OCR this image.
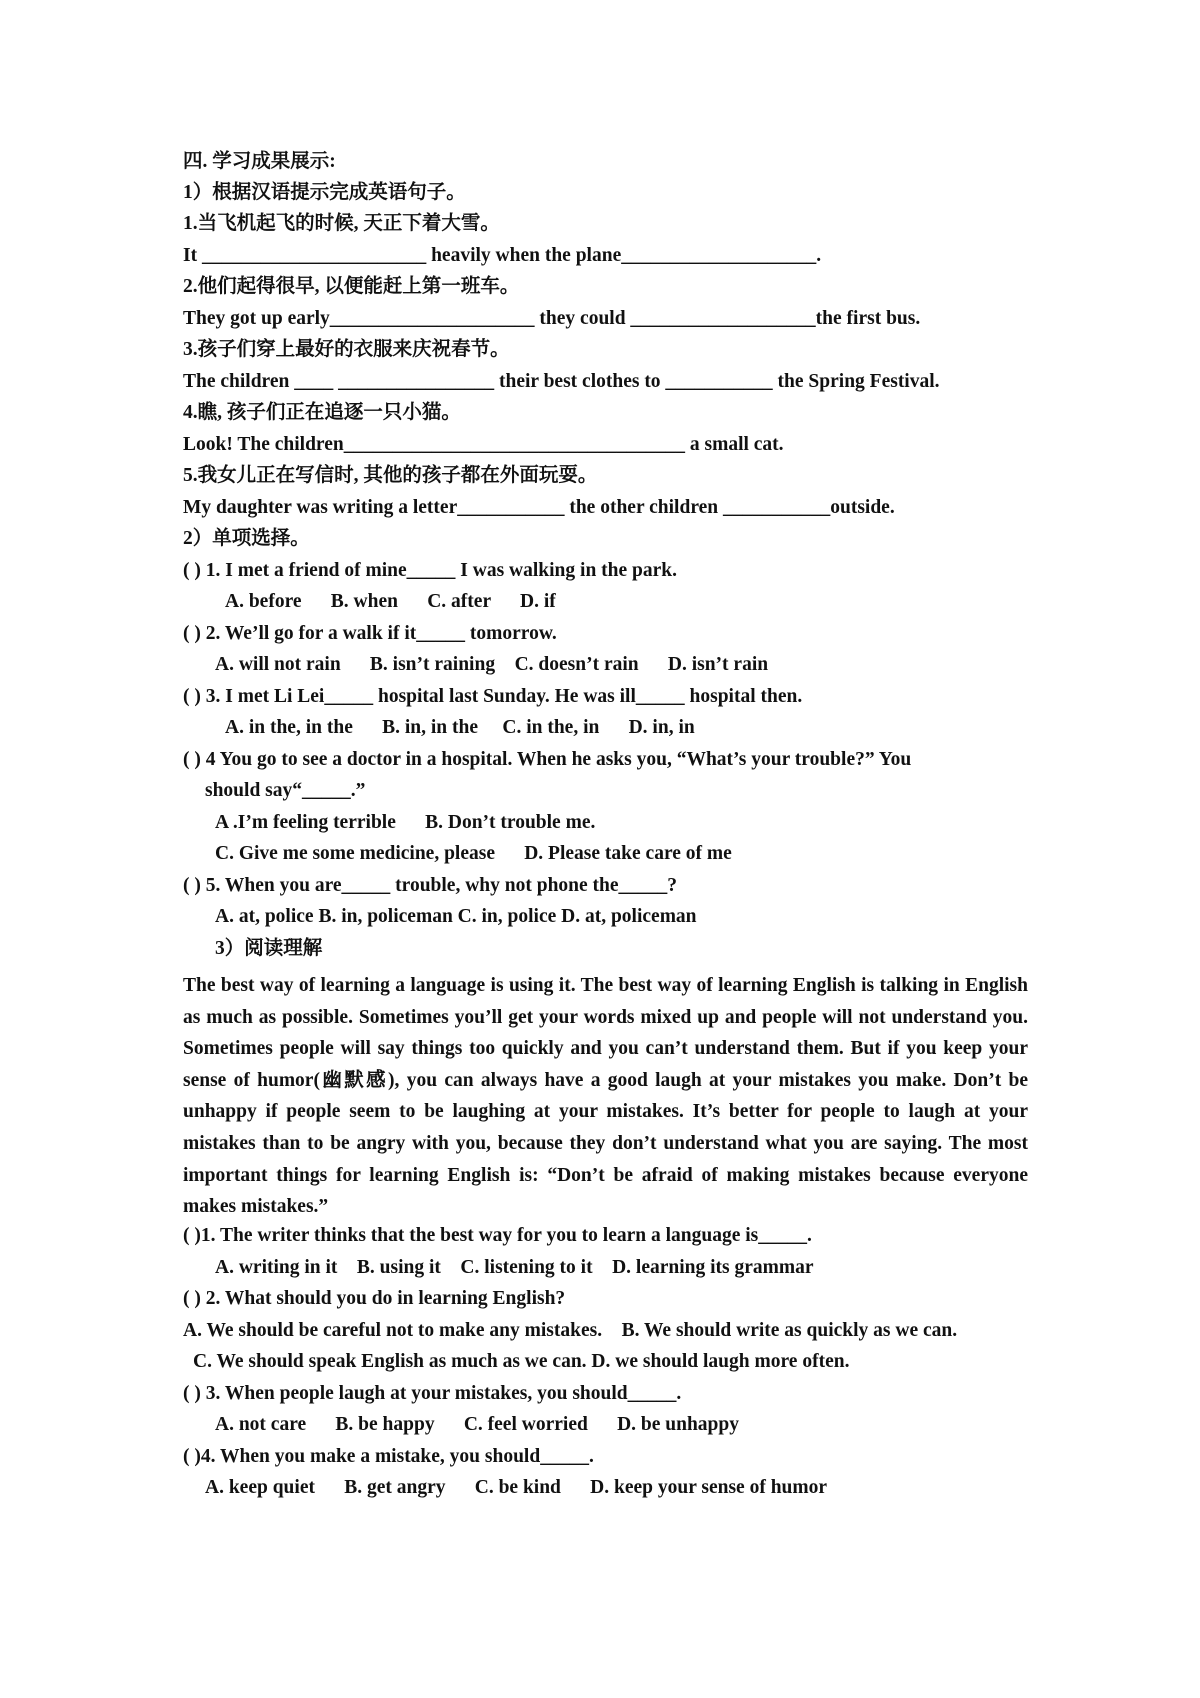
四. 学习成果展示:
1）根据汉语提示完成英语句子。
1.当飞机起飞的时候, 天正下着大雪。
It _______________________ heavily when the plane____________________.
2.他们起得很早, 以便能赶上第一班车。
They got up early_____________________ they could ___________________the first bus.
3.孩子们穿上最好的衣服来庆祝春节。
The children ____ ________________ their best clothes to ___________ the Spring Festival.
4.瞧, 孩子们正在追逐一只小猫。
Look! The children___________________________________ a small cat.
5.我女儿正在写信时, 其他的孩子都在外面玩耍。
My daughter was writing a letter___________ the other children ___________outside.
2）单项选择。
( ) 1. I met a friend of mine_____ I was walking in the park.
A. before      B. when      C. after      D. if
( ) 2. We’ll go for a walk if it_____ tomorrow.
A. will not rain      B. isn’t raining    C. doesn’t rain      D. isn’t rain
( ) 3. I met Li Lei_____ hospital last Sunday. He was ill_____ hospital then.
A. in the, in the      B. in, in the     C. in the, in      D. in, in
( ) 4 You go to see a doctor in a hospital. When he asks you, “What’s your trouble?” You
should say“_____.”
A .I’m feeling terrible      B. Don’t trouble me.
C. Give me some medicine, please      D. Please take care of me
( ) 5. When you are_____ trouble, why not phone the_____?
A. at, police B. in, policeman C. in, police D. at, policeman
3）阅读理解
The best way of learning a language is using it. The best way of learning English is talking in English as much as possible. Sometimes you’ll get your words mixed up and people will not understand you. Sometimes people will say things too quickly and you can’t understand them. But if you keep your sense of humor(幽默感), you can always have a good laugh at your mistakes you make. Don’t be unhappy if people seem to be laughing at your mistakes. It’s better for people to laugh at your mistakes than to be angry with you, because they don’t understand what you are saying. The most important things for learning English is: “Don’t be afraid of making mistakes because everyone makes mistakes.”
( )1. The writer thinks that the best way for you to learn a language is_____.
A. writing in it    B. using it    C. listening to it    D. learning its grammar
( ) 2. What should you do in learning English?
A. We should be careful not to make any mistakes.    B. We should write as quickly as we can.
C. We should speak English as much as we can. D. we should laugh more often.
( ) 3. When people laugh at your mistakes, you should_____.
A. not care      B. be happy      C. feel worried      D. be unhappy
( )4. When you make a mistake, you should_____.
A. keep quiet      B. get angry      C. be kind      D. keep your sense of humor
